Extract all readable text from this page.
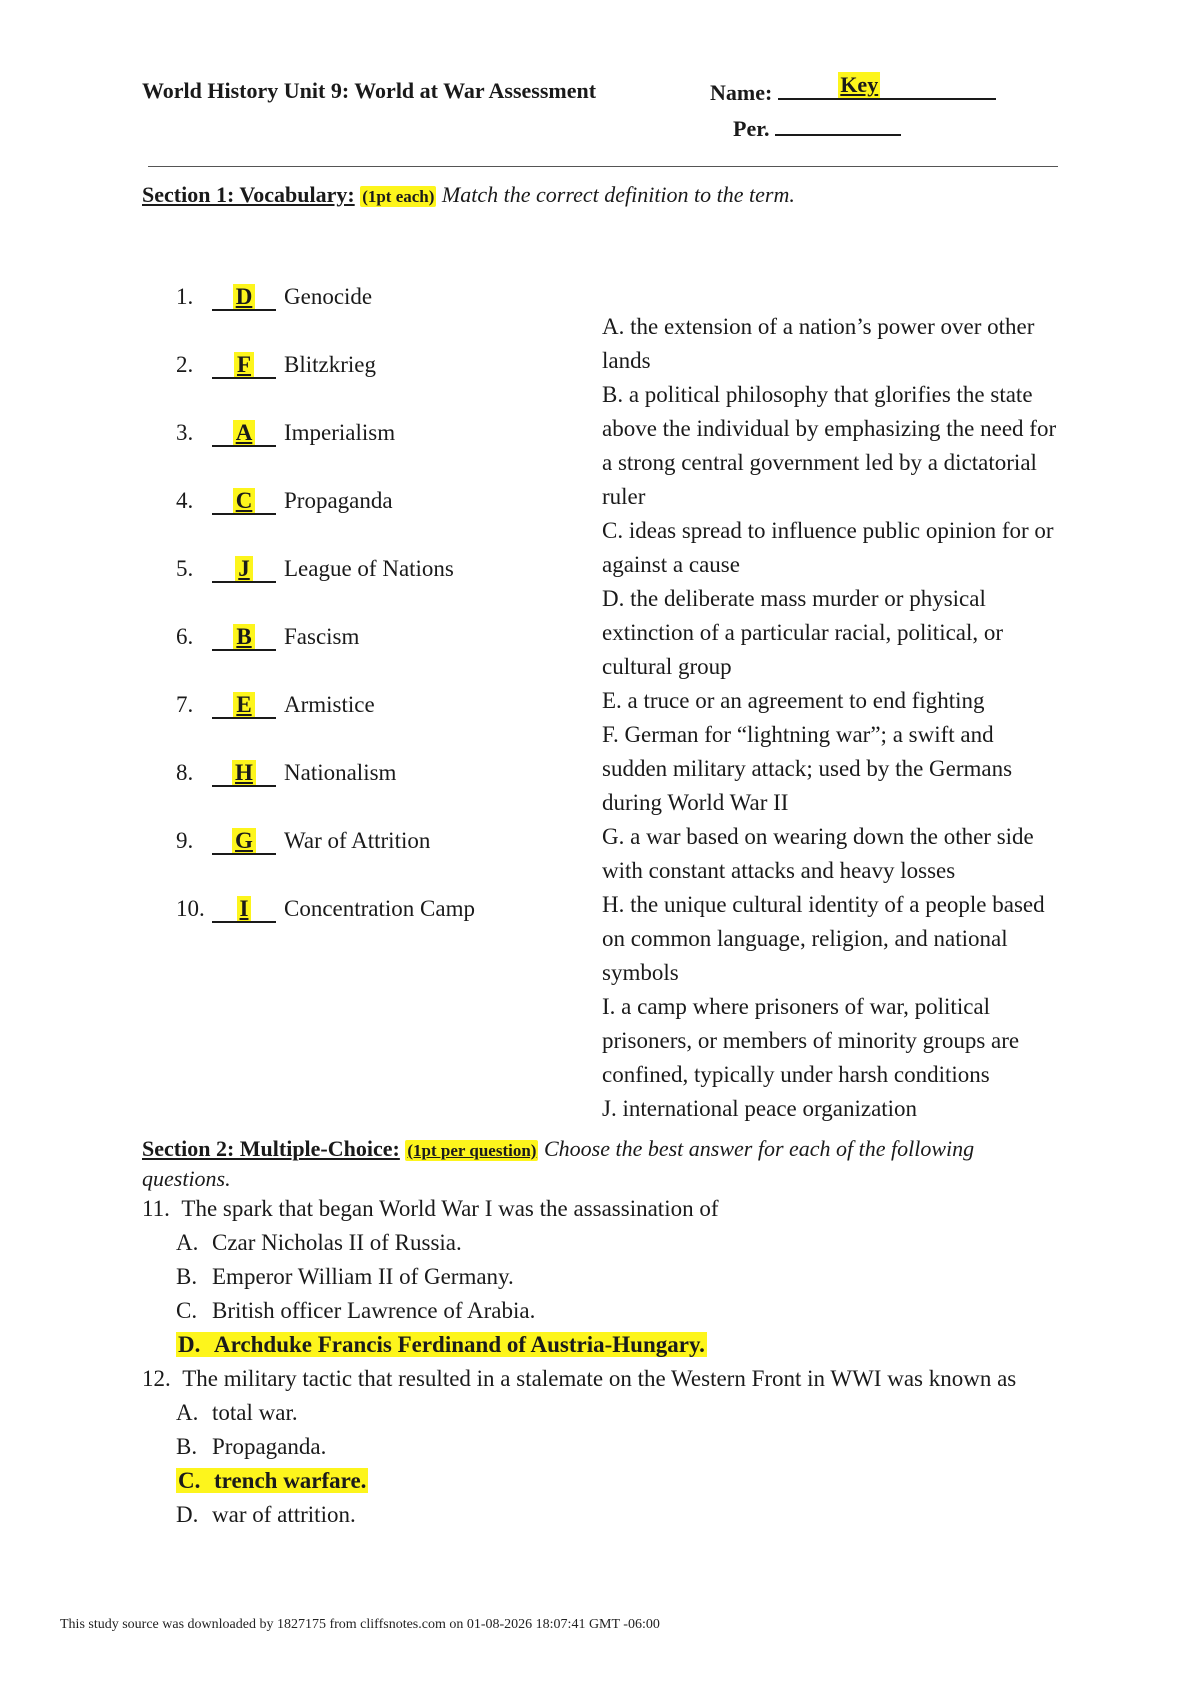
World History Unit 9: World at War Assessment	Name:	Key
Per.
Section 1: Vocabulary: (1pt each) Match the correct definition to the term.
1. D Genocide
2. F Blitzkrieg
3. A Imperialism
4. C Propaganda
5. J League of Nations
6. B Fascism
7. E Armistice
8. H Nationalism
9. G War of Attrition
10. I Concentration Camp
A. the extension of a nation’s power over other lands
B. a political philosophy that glorifies the state above the individual by emphasizing the need for a strong central government led by a dictatorial ruler
C. ideas spread to influence public opinion for or against a cause
D. the deliberate mass murder or physical extinction of a particular racial, political, or cultural group
E. a truce or an agreement to end fighting
F. German for “lightning war”; a swift and sudden military attack; used by the Germans during World War II
G. a war based on wearing down the other side with constant attacks and heavy losses
H. the unique cultural identity of a people based on common language, religion, and national symbols
I. a camp where prisoners of war, political prisoners, or members of minority groups are confined, typically under harsh conditions
J. international peace organization
Section 2: Multiple-Choice: (1pt per question) Choose the best answer for each of the following
questions.
11. The spark that began World War I was the assassination of
A. Czar Nicholas II of Russia.
B. Emperor William II of Germany.
C. British officer Lawrence of Arabia.
D. Archduke Francis Ferdinand of Austria-Hungary.
12. The military tactic that resulted in a stalemate on the Western Front in WWI was known as
A. total war.
B. Propaganda.
C. trench warfare.
D. war of attrition.
This study source was downloaded by 1827175 from cliffsnotes.com on 01-08-2026 18:07:41 GMT -06:00
